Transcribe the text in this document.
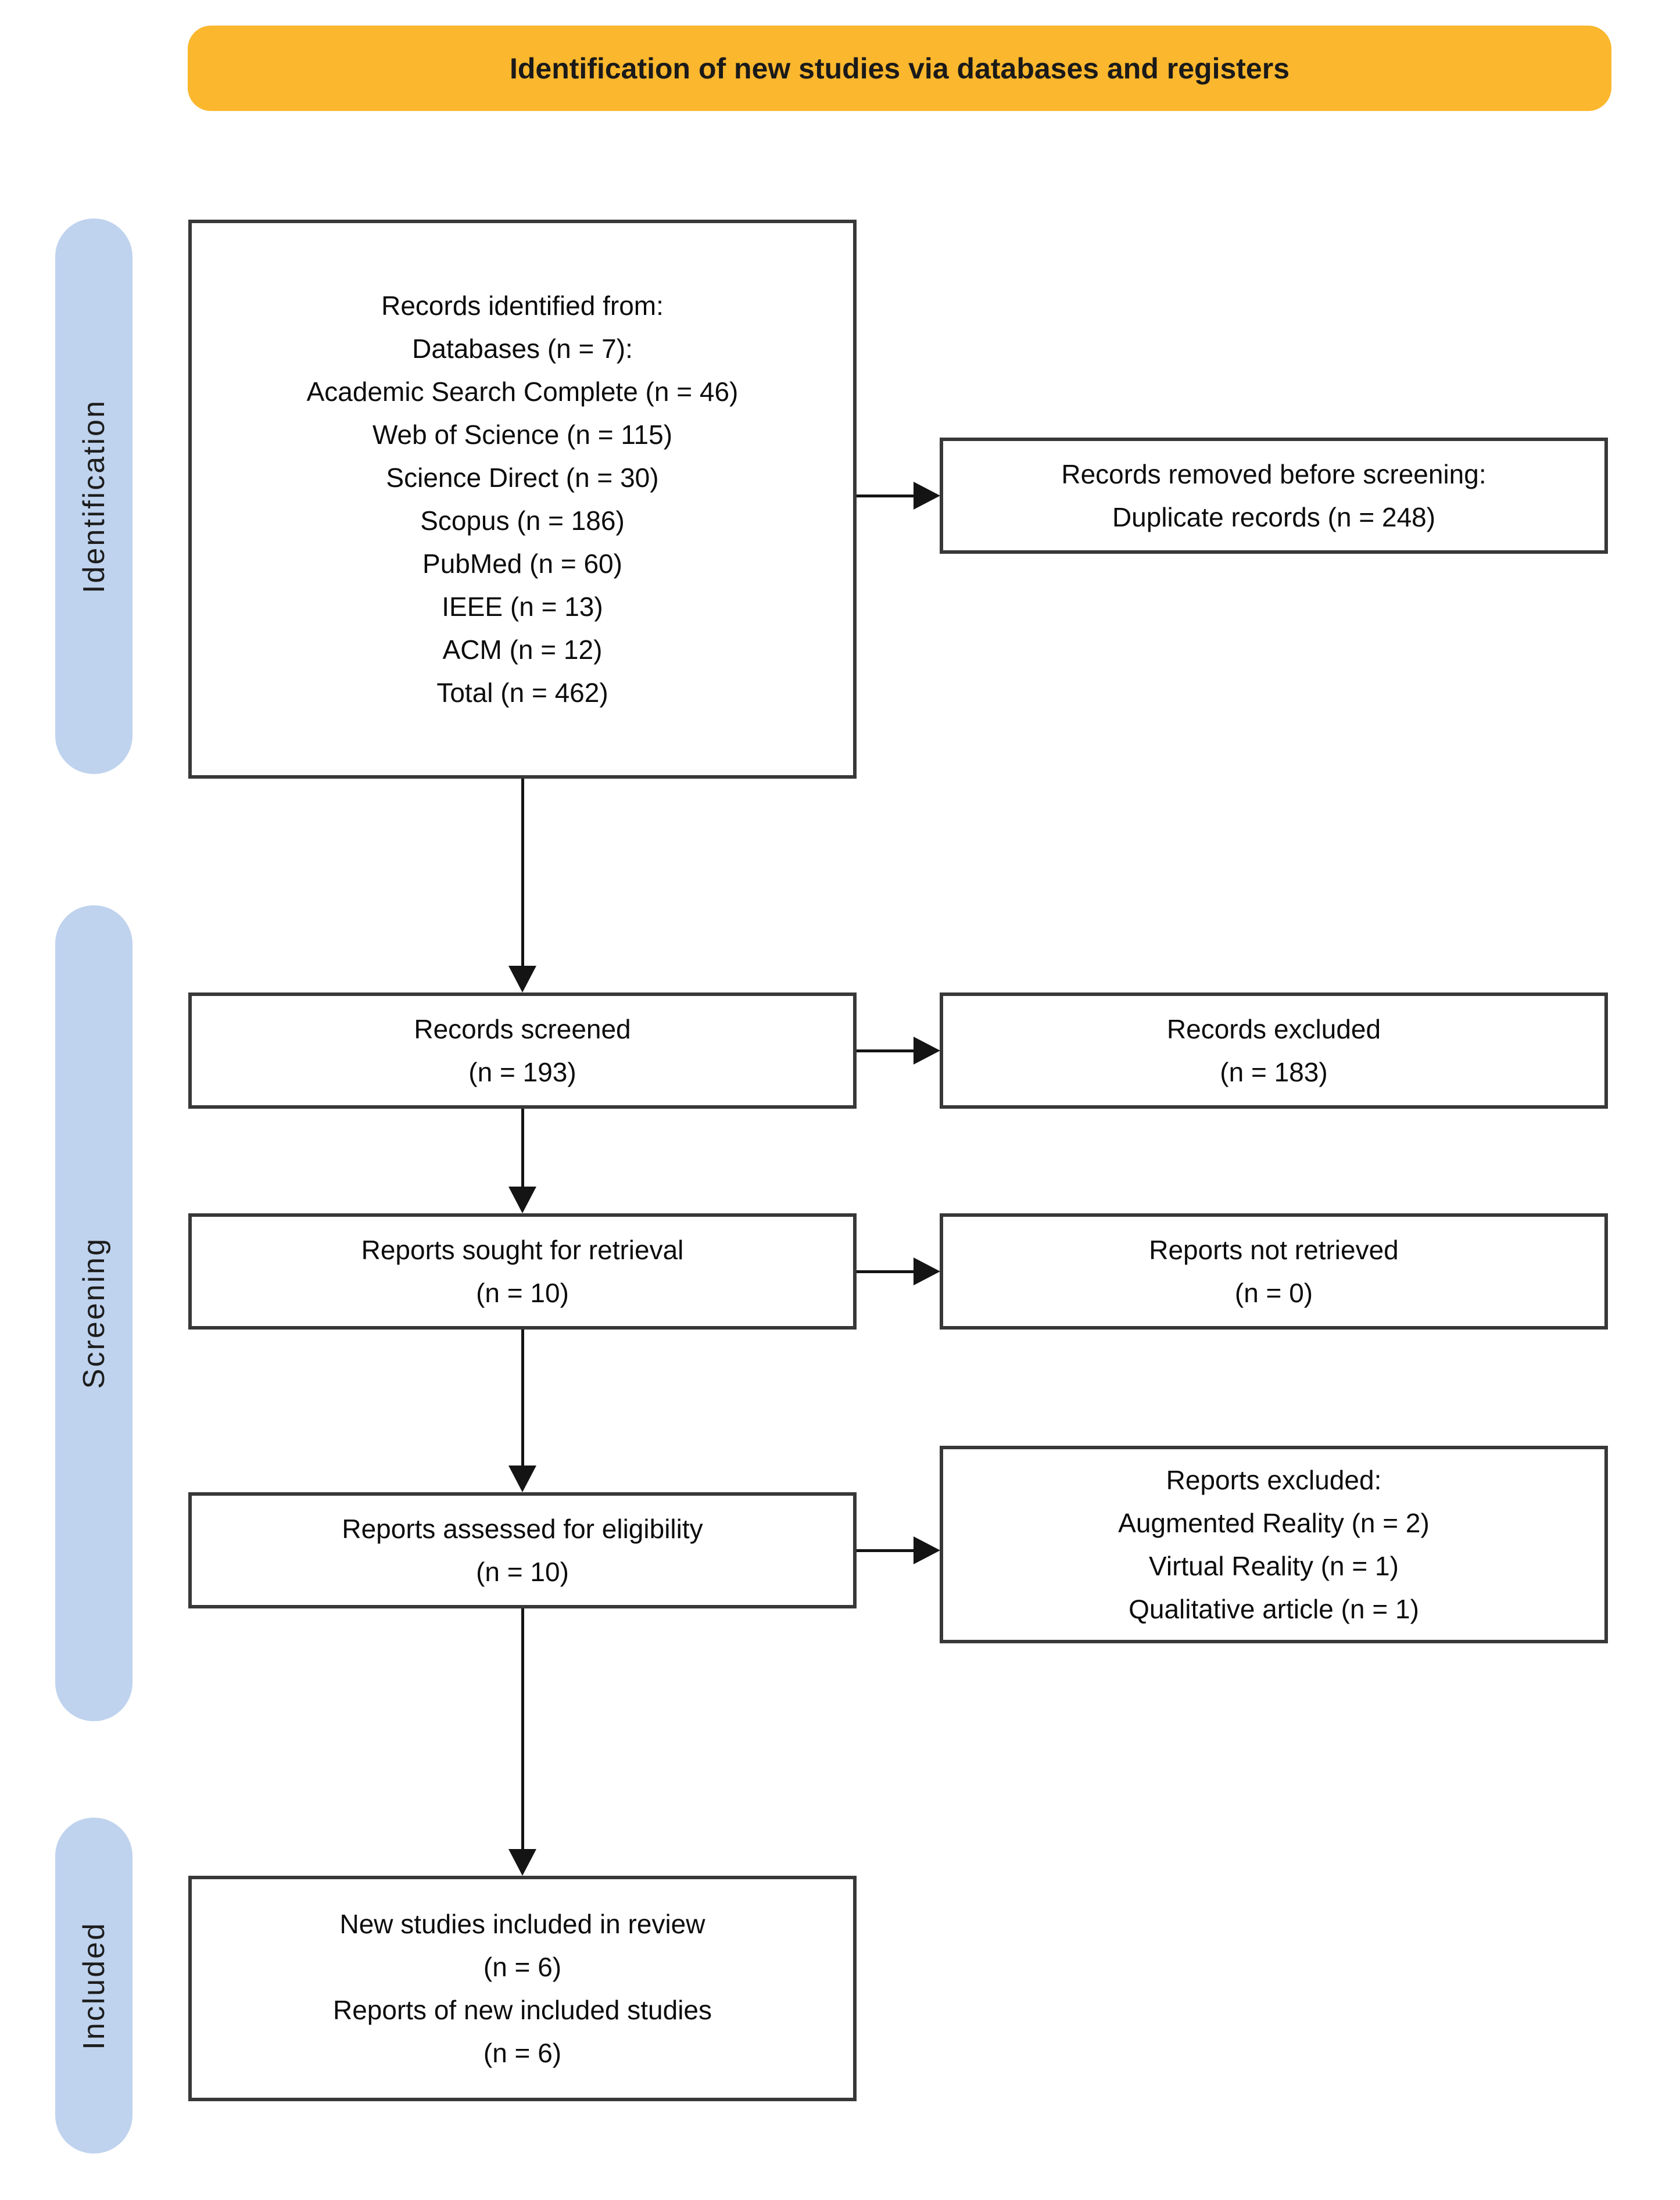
Identification of new studies via databases and registers
Identification
Screening
Included
Records identified from:
Databases (n = 7):
Academic Search Complete (n = 46)
Web of Science (n = 115)
Science Direct (n = 30)
Scopus (n = 186)
PubMed (n = 60)
IEEE (n = 13)
ACM (n = 12)
Total (n = 462)
Records removed before screening:
Duplicate records (n = 248)
Records screened
(n = 193)
Records excluded
(n = 183)
Reports sought for retrieval
(n = 10)
Reports not retrieved
(n = 0)
Reports assessed for eligibility
(n = 10)
Reports excluded:
Augmented Reality (n = 2)
Virtual Reality (n = 1)
Qualitative article (n = 1)
New studies included in review
(n = 6)
Reports of new included studies
(n = 6)
